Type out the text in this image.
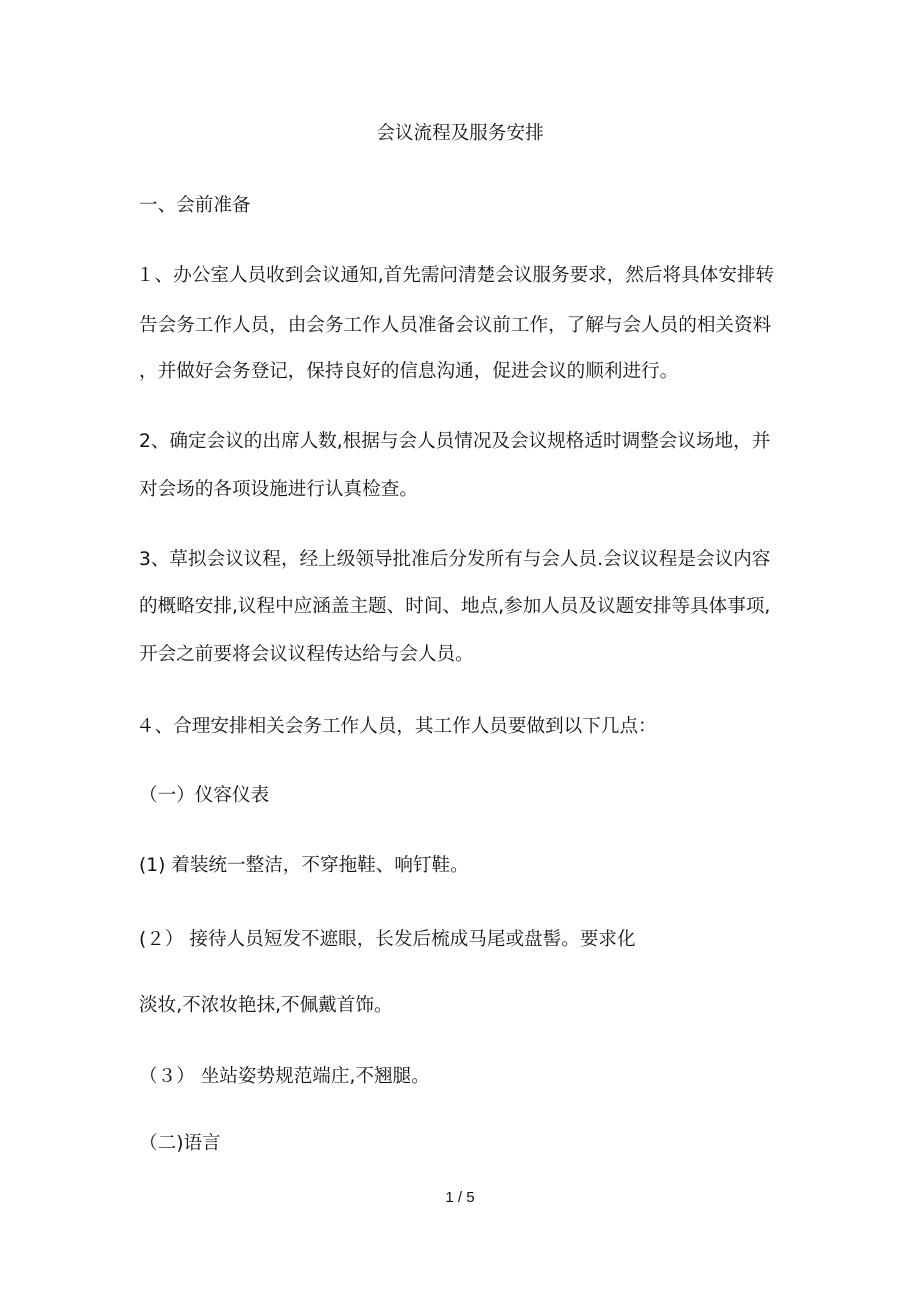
会议流程及服务安排
一、会前准备
１、办公室人员收到会议通知,首先需问清楚会议服务要求，然后将具体安排转
告会务工作人员，由会务工作人员准备会议前工作，了解与会人员的相关资料
，并做好会务登记，保持良好的信息沟通，促进会议的顺利进行。
2、确定会议的出席人数,根据与会人员情况及会议规格适时调整会议场地，并
对会场的各项设施进行认真检查。
3、草拟会议议程，经上级领导批准后分发所有与会人员.会议议程是会议内容
的概略安排,议程中应涵盖主题、时间、地点,参加人员及议题安排等具体事项,
开会之前要将会议议程传达给与会人员。
４、合理安排相关会务工作人员，其工作人员要做到以下几点：
（一）仪容仪表
(1) 着装统一整洁，不穿拖鞋、响钉鞋。
(２） 接待人员短发不遮眼，长发后梳成马尾或盘髻。要求化
淡妆,不浓妆艳抹,不佩戴首饰。
（３） 坐站姿势规范端庄,不翘腿。
（二)语言
1 / 5
